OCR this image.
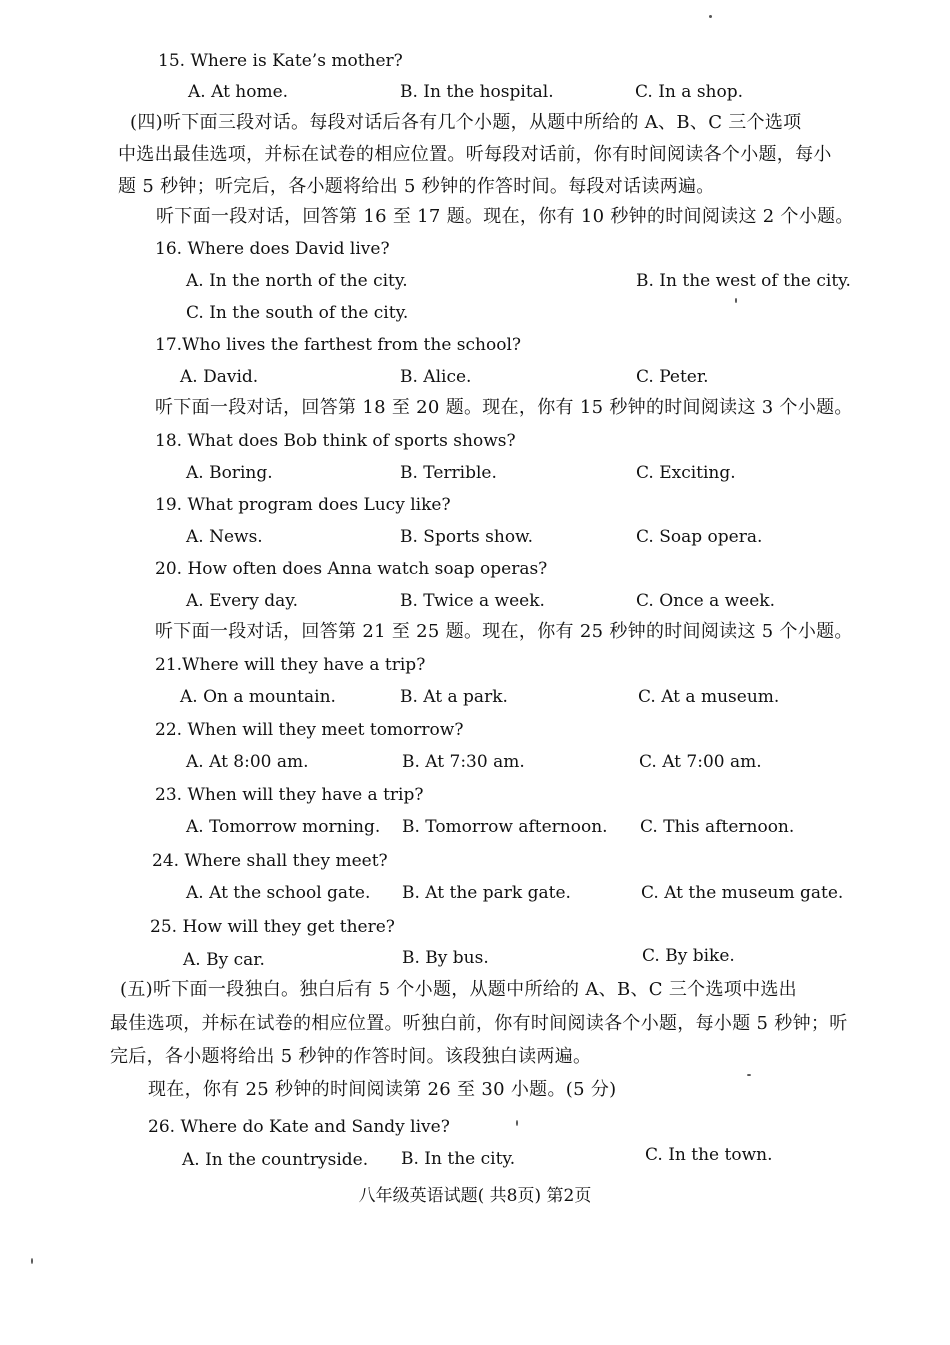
15. Where is Kate’s mother?
A. At home.	B. In the hospital.	C. In a shop.
(四)听下面三段对话。每段对话后各有几个小题，从题中所给的 A、B、C 三个选项
中选出最佳选项，并标在试卷的相应位置。听每段对话前，你有时间阅读各个小题，每小
题 5 秒钟；听完后，各小题将给出 5 秒钟的作答时间。每段对话读两遍。
听下面一段对话，回答第 16 至 17 题。现在，你有 10 秒钟的时间阅读这 2 个小题。
16. Where does David live?
A. In the north of the city.	B. In the west of the city.
C. In the south of the city.
17.Who lives the farthest from the school?
A. David.	B. Alice.	C. Peter.
听下面一段对话，回答第 18 至 20 题。现在，你有 15 秒钟的时间阅读这 3 个小题。
18. What does Bob think of sports shows?
A. Boring.	B. Terrible.	C. Exciting.
19. What program does Lucy like?
A. News.	B. Sports show.	C. Soap opera.
20. How often does Anna watch soap operas?
A. Every day.	B. Twice a week.	C. Once a week.
听下面一段对话，回答第 21 至 25 题。现在，你有 25 秒钟的时间阅读这 5 个小题。
21.Where will they have a trip?
A. On a mountain.	B. At a park.	C. At a museum.
22. When will they meet tomorrow?
A. At 8:00 am.	B. At 7:30 am.	C. At 7:00 am.
23. When will they have a trip?
A. Tomorrow morning. B. Tomorrow afternoon. C. This afternoon.
24. Where shall they meet?
A. At the school gate. B. At the park gate.	C. At the museum gate.
25. How will they get there?
A. By car.	B. By bus.	C. By bike.
(五)听下面一段独白。独白后有 5 个小题，从题中所给的 A、B、C 三个选项中选出
最佳选项，并标在试卷的相应位置。听独白前，你有时间阅读各个小题，每小题 5 秒钟；听
完后，各小题将给出 5 秒钟的作答时间。该段独白读两遍。
现在，你有 25 秒钟的时间阅读第 26 至 30 小题。(5 分)
26. Where do Kate and Sandy live?
A. In the countryside. B. In the city.	C. In the town.
八年级英语试题( 共8页) 第2页
